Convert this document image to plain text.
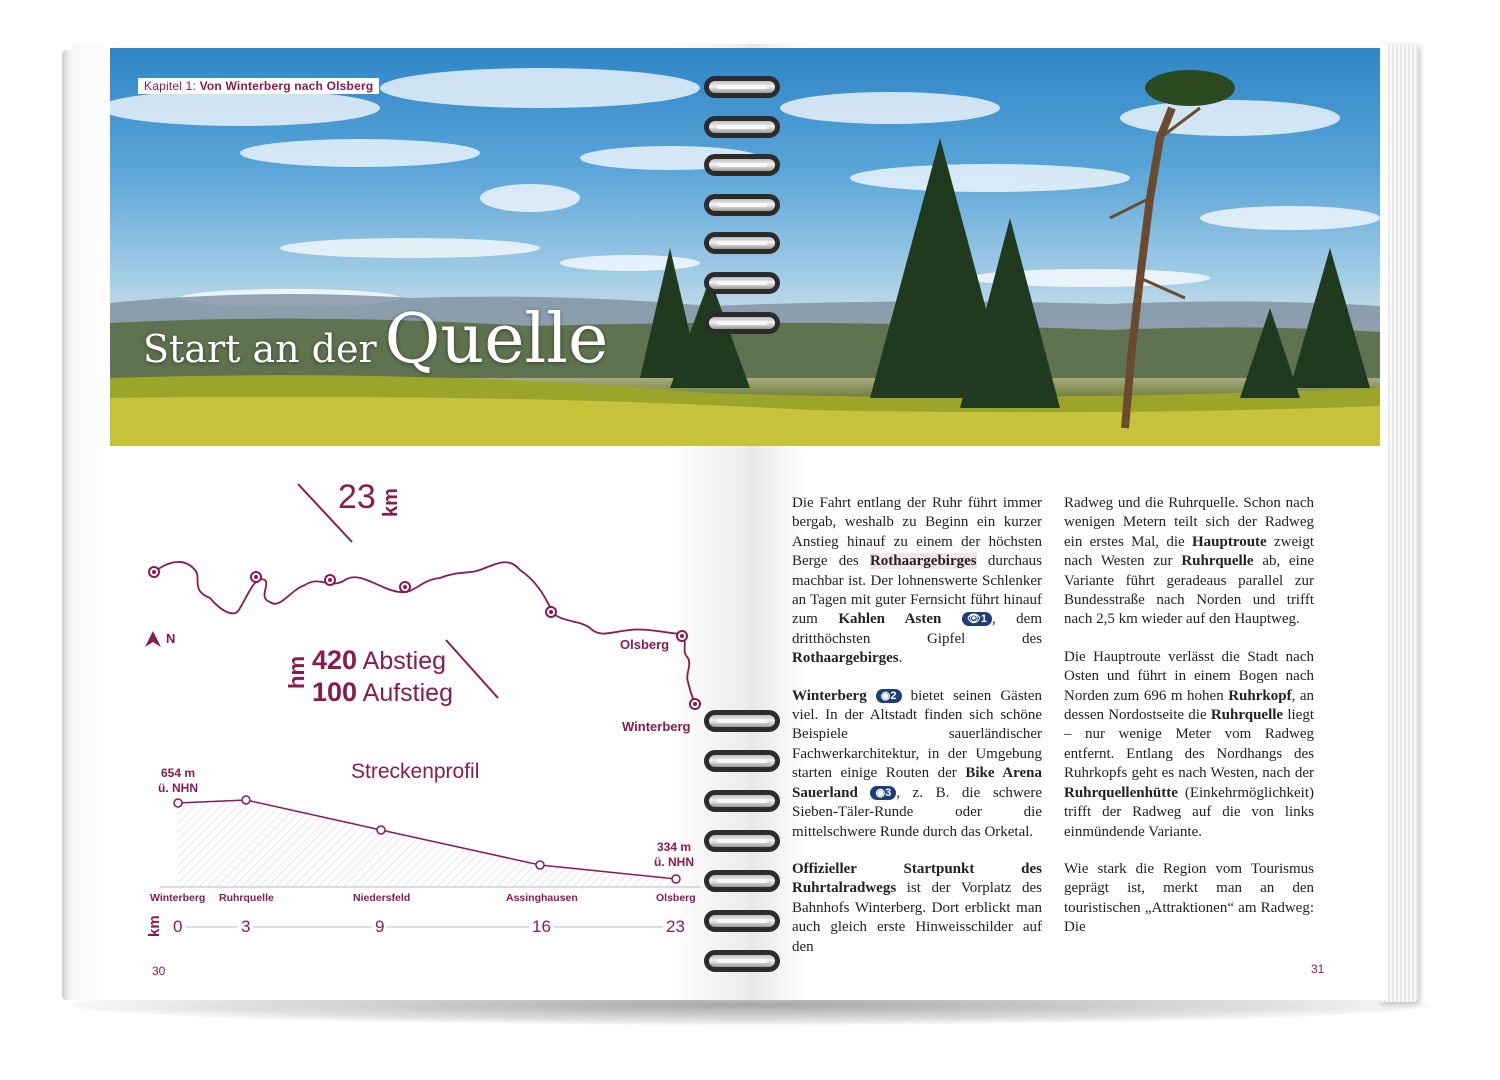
Kapitel 1: Von Winterberg nach Olsberg
Start an der Quelle
23 km
N	Olsberg
Winterberg
hm 420 Abstieg
100 Aufstieg
Streckenprofil
654 m
ü. NHN
334 m
ü. NHN
Winterberg Ruhrquelle	Niedersfeld	Assinghausen	Olsberg
km 0	3	9	16	23
30	31

Die Fahrt entlang der Ruhr führt immer bergab, weshalb zu Beginn ein kurzer Anstieg hinauf zu einem der höchsten Berge des Rothaargebirges durchaus machbar ist. Der lohnenswerte Schlenker an Tagen mit guter Fernsicht führt hinauf zum Kahlen Asten 👁1 , dem dritthöchsten Gipfel des Rothaargebirges.

Winterberg ◉2 bietet seinen Gästen viel. In der Altstadt finden sich schöne Beispiele sauerländischer Fachwerkarchitektur, in der Umgebung starten einige Routen der Bike Arena Sauerland ◉3 , z. B. die schwere Sieben-Täler-Runde oder die mittelschwere Runde durch das Orketal.

Offizieller Startpunkt des Ruhrtalradwegs ist der Vorplatz des Bahnhofs Winterberg. Dort erblickt man auch gleich erste Hinweisschilder auf den

Radweg und die Ruhrquelle. Schon nach wenigen Metern teilt sich der Radweg ein erstes Mal, die Hauptroute zweigt nach Westen zur Ruhrquelle ab, eine Variante führt geradeaus parallel zur Bundesstraße nach Norden und trifft nach 2,5 km wieder auf den Hauptweg.

Die Hauptroute verlässt die Stadt nach Osten und führt in einem Bogen nach Norden zum 696 m hohen Ruhrkopf, an dessen Nordostseite die Ruhrquelle liegt – nur wenige Meter vom Radweg entfernt. Entlang des Nordhangs des Ruhrkopfs geht es nach Westen, nach der Ruhrquellenhütte (Einkehrmöglichkeit) trifft der Radweg auf die von links einmündende Variante.

Wie stark die Region vom Tourismus geprägt ist, merkt man an den touristischen „Attraktionen“ am Radweg: Die
